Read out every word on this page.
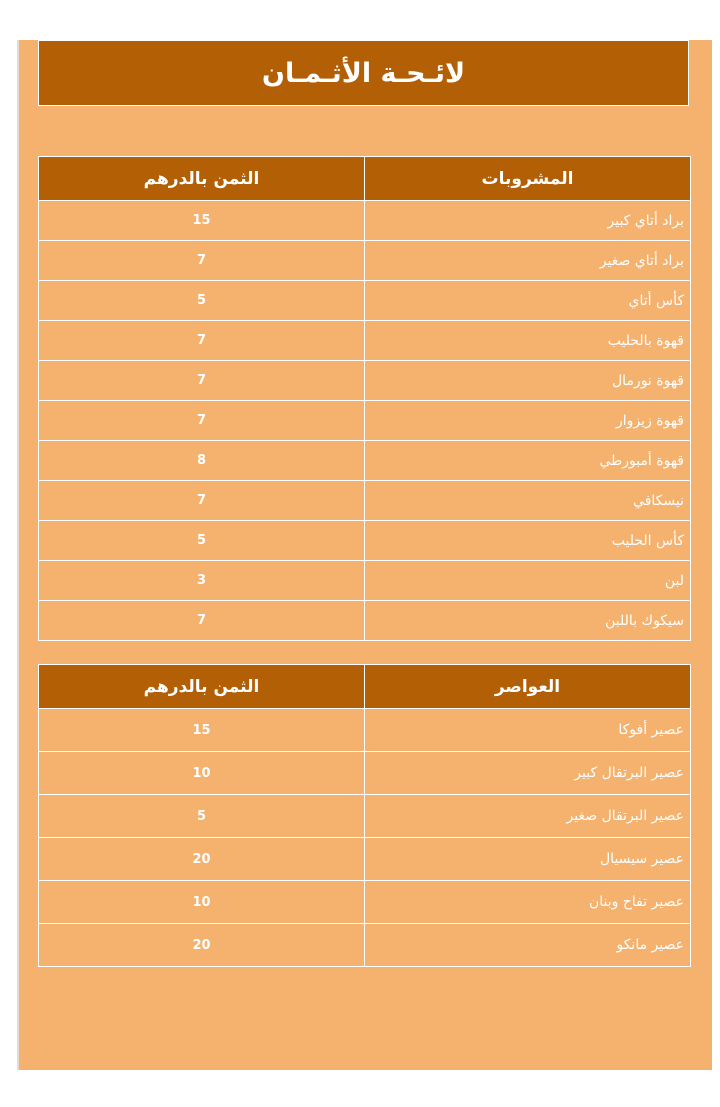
لائـحـة الأثـمـان
المشروبات	الثمن بالدرهم
براد أتاي كبير	15
براد أتاي صغير	7
كأس أتاي	5
قهوة بالحليب	7
قهوة نورمال	7
قهوة زيزوار	7
قهوة أمبورطي	8
نيسكافي	7
كأس الحليب	5
لبن	3
سيكوك باللبن	7
العواصر	الثمن بالدرهم
عصير أفوكا	15
عصير البرتقال كبير	10
عصير البرتقال صغير	5
عصير سيسيال	20
عصير تفاح وبنان	10
عصير مانكو	20
